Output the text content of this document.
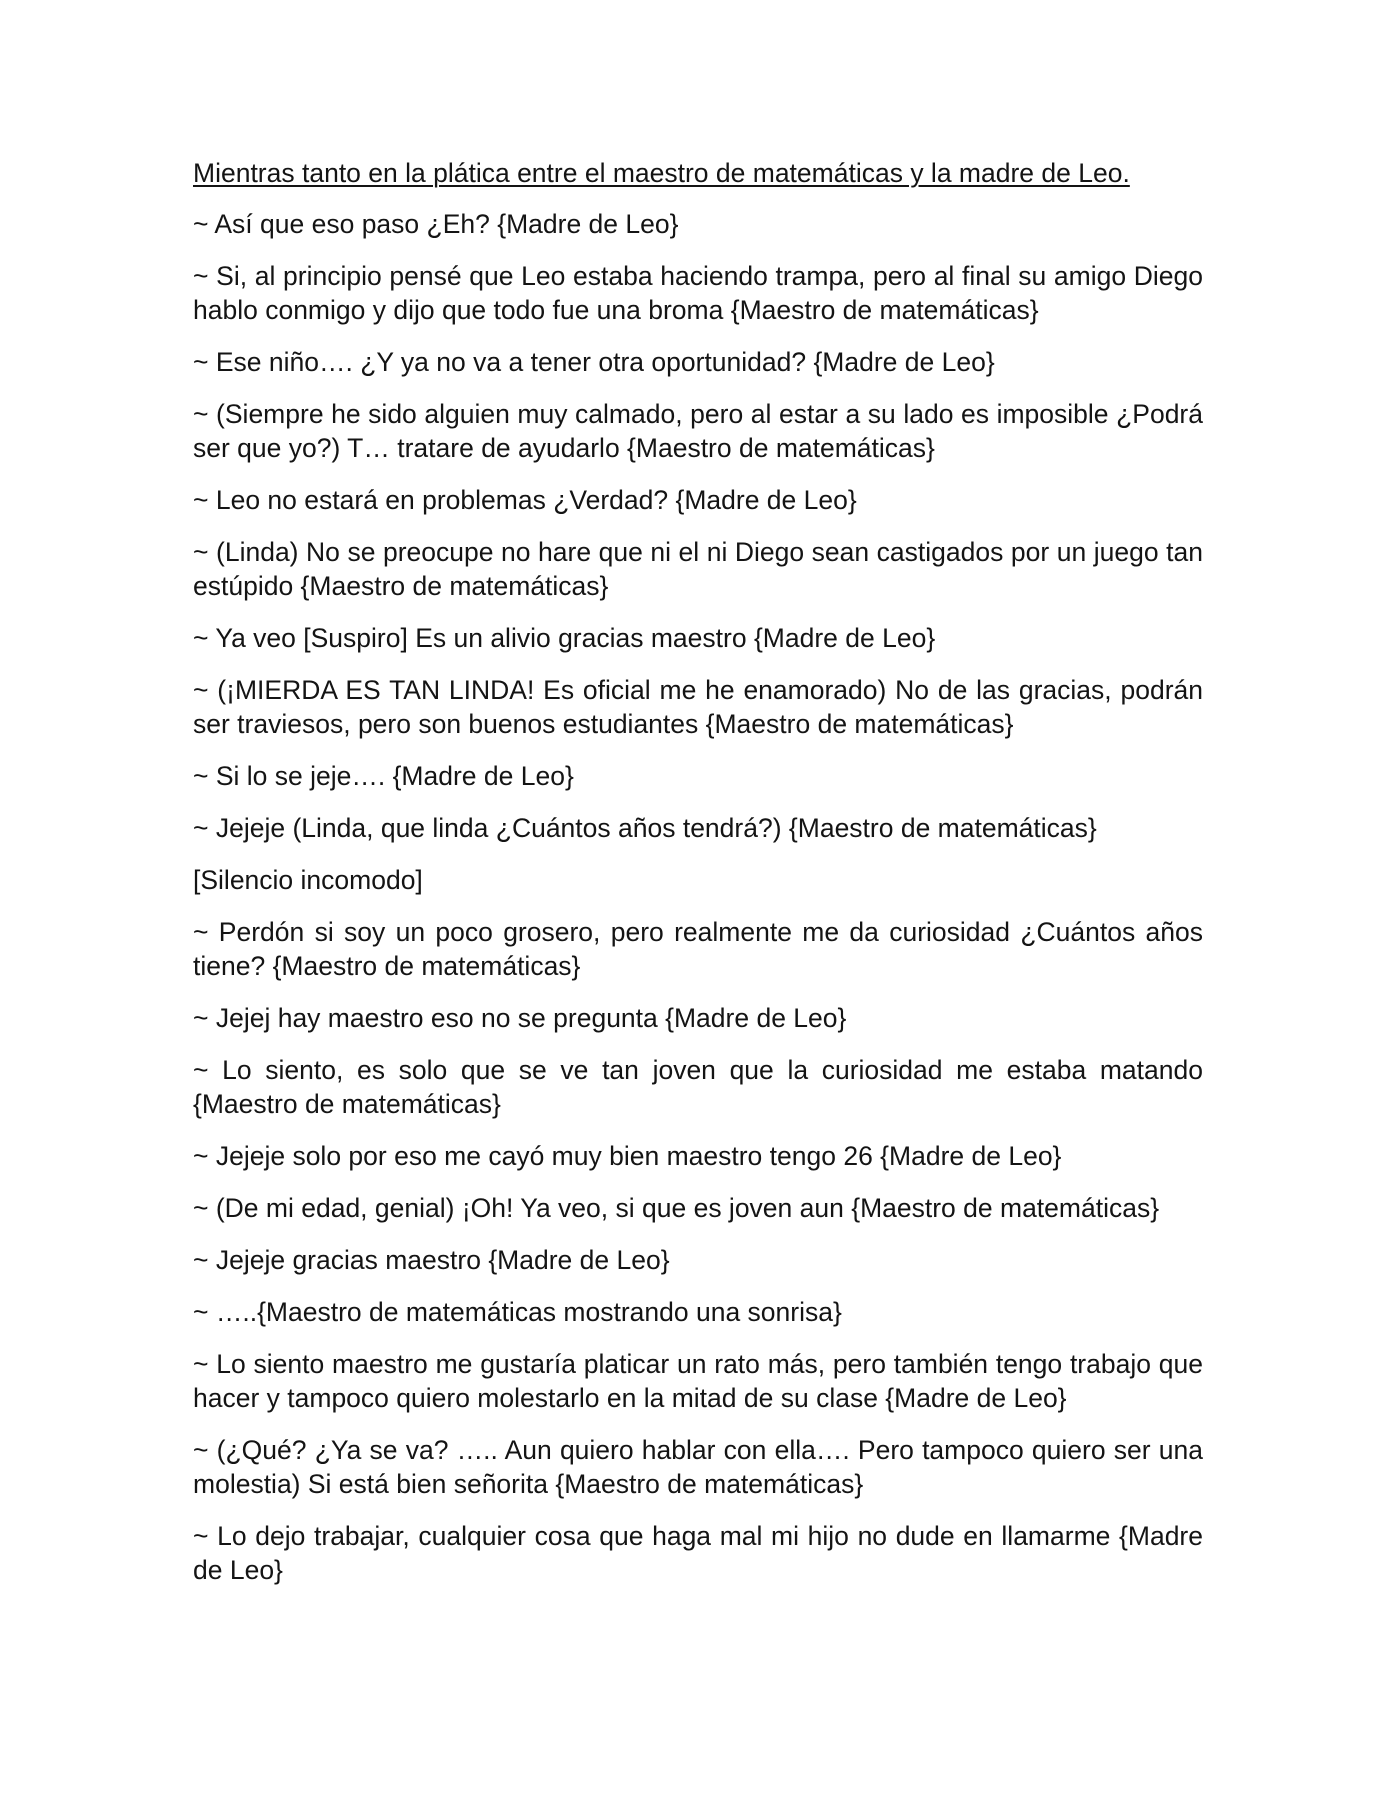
Mientras tanto en la plática entre el maestro de matemáticas y la madre de Leo.

~ Así que eso paso ¿Eh? {Madre de Leo}

~ Si, al principio pensé que Leo estaba haciendo trampa, pero al final su amigo Diego hablo conmigo y dijo que todo fue una broma {Maestro de matemáticas}

~ Ese niño…. ¿Y ya no va a tener otra oportunidad? {Madre de Leo}

~ (Siempre he sido alguien muy calmado, pero al estar a su lado es imposible ¿Podrá ser que yo?) T… tratare de ayudarlo {Maestro de matemáticas}

~ Leo no estará en problemas ¿Verdad? {Madre de Leo}

~ (Linda) No se preocupe no hare que ni el ni Diego sean castigados por un juego tan estúpido {Maestro de matemáticas}

~ Ya veo [Suspiro] Es un alivio gracias maestro {Madre de Leo}

~ (¡MIERDA ES TAN LINDA! Es oficial me he enamorado) No de las gracias, podrán ser traviesos, pero son buenos estudiantes {Maestro de matemáticas}

~ Si lo se jeje…. {Madre de Leo}

~ Jejeje (Linda, que linda ¿Cuántos años tendrá?) {Maestro de matemáticas}

[Silencio incomodo]

~ Perdón si soy un poco grosero, pero realmente me da curiosidad ¿Cuántos años tiene? {Maestro de matemáticas}

~ Jejej hay maestro eso no se pregunta {Madre de Leo}

~ Lo siento, es solo que se ve tan joven que la curiosidad me estaba matando {Maestro de matemáticas}

~ Jejeje solo por eso me cayó muy bien maestro tengo 26 {Madre de Leo}

~ (De mi edad, genial) ¡Oh! Ya veo, si que es joven aun {Maestro de matemáticas}

~ Jejeje gracias maestro {Madre de Leo}

~ …..{Maestro de matemáticas mostrando una sonrisa}

~ Lo siento maestro me gustaría platicar un rato más, pero también tengo trabajo que hacer y tampoco quiero molestarlo en la mitad de su clase {Madre de Leo}

~ (¿Qué? ¿Ya se va? ….. Aun quiero hablar con ella…. Pero tampoco quiero ser una molestia) Si está bien señorita {Maestro de matemáticas}

~ Lo dejo trabajar, cualquier cosa que haga mal mi hijo no dude en llamarme {Madre de Leo}
